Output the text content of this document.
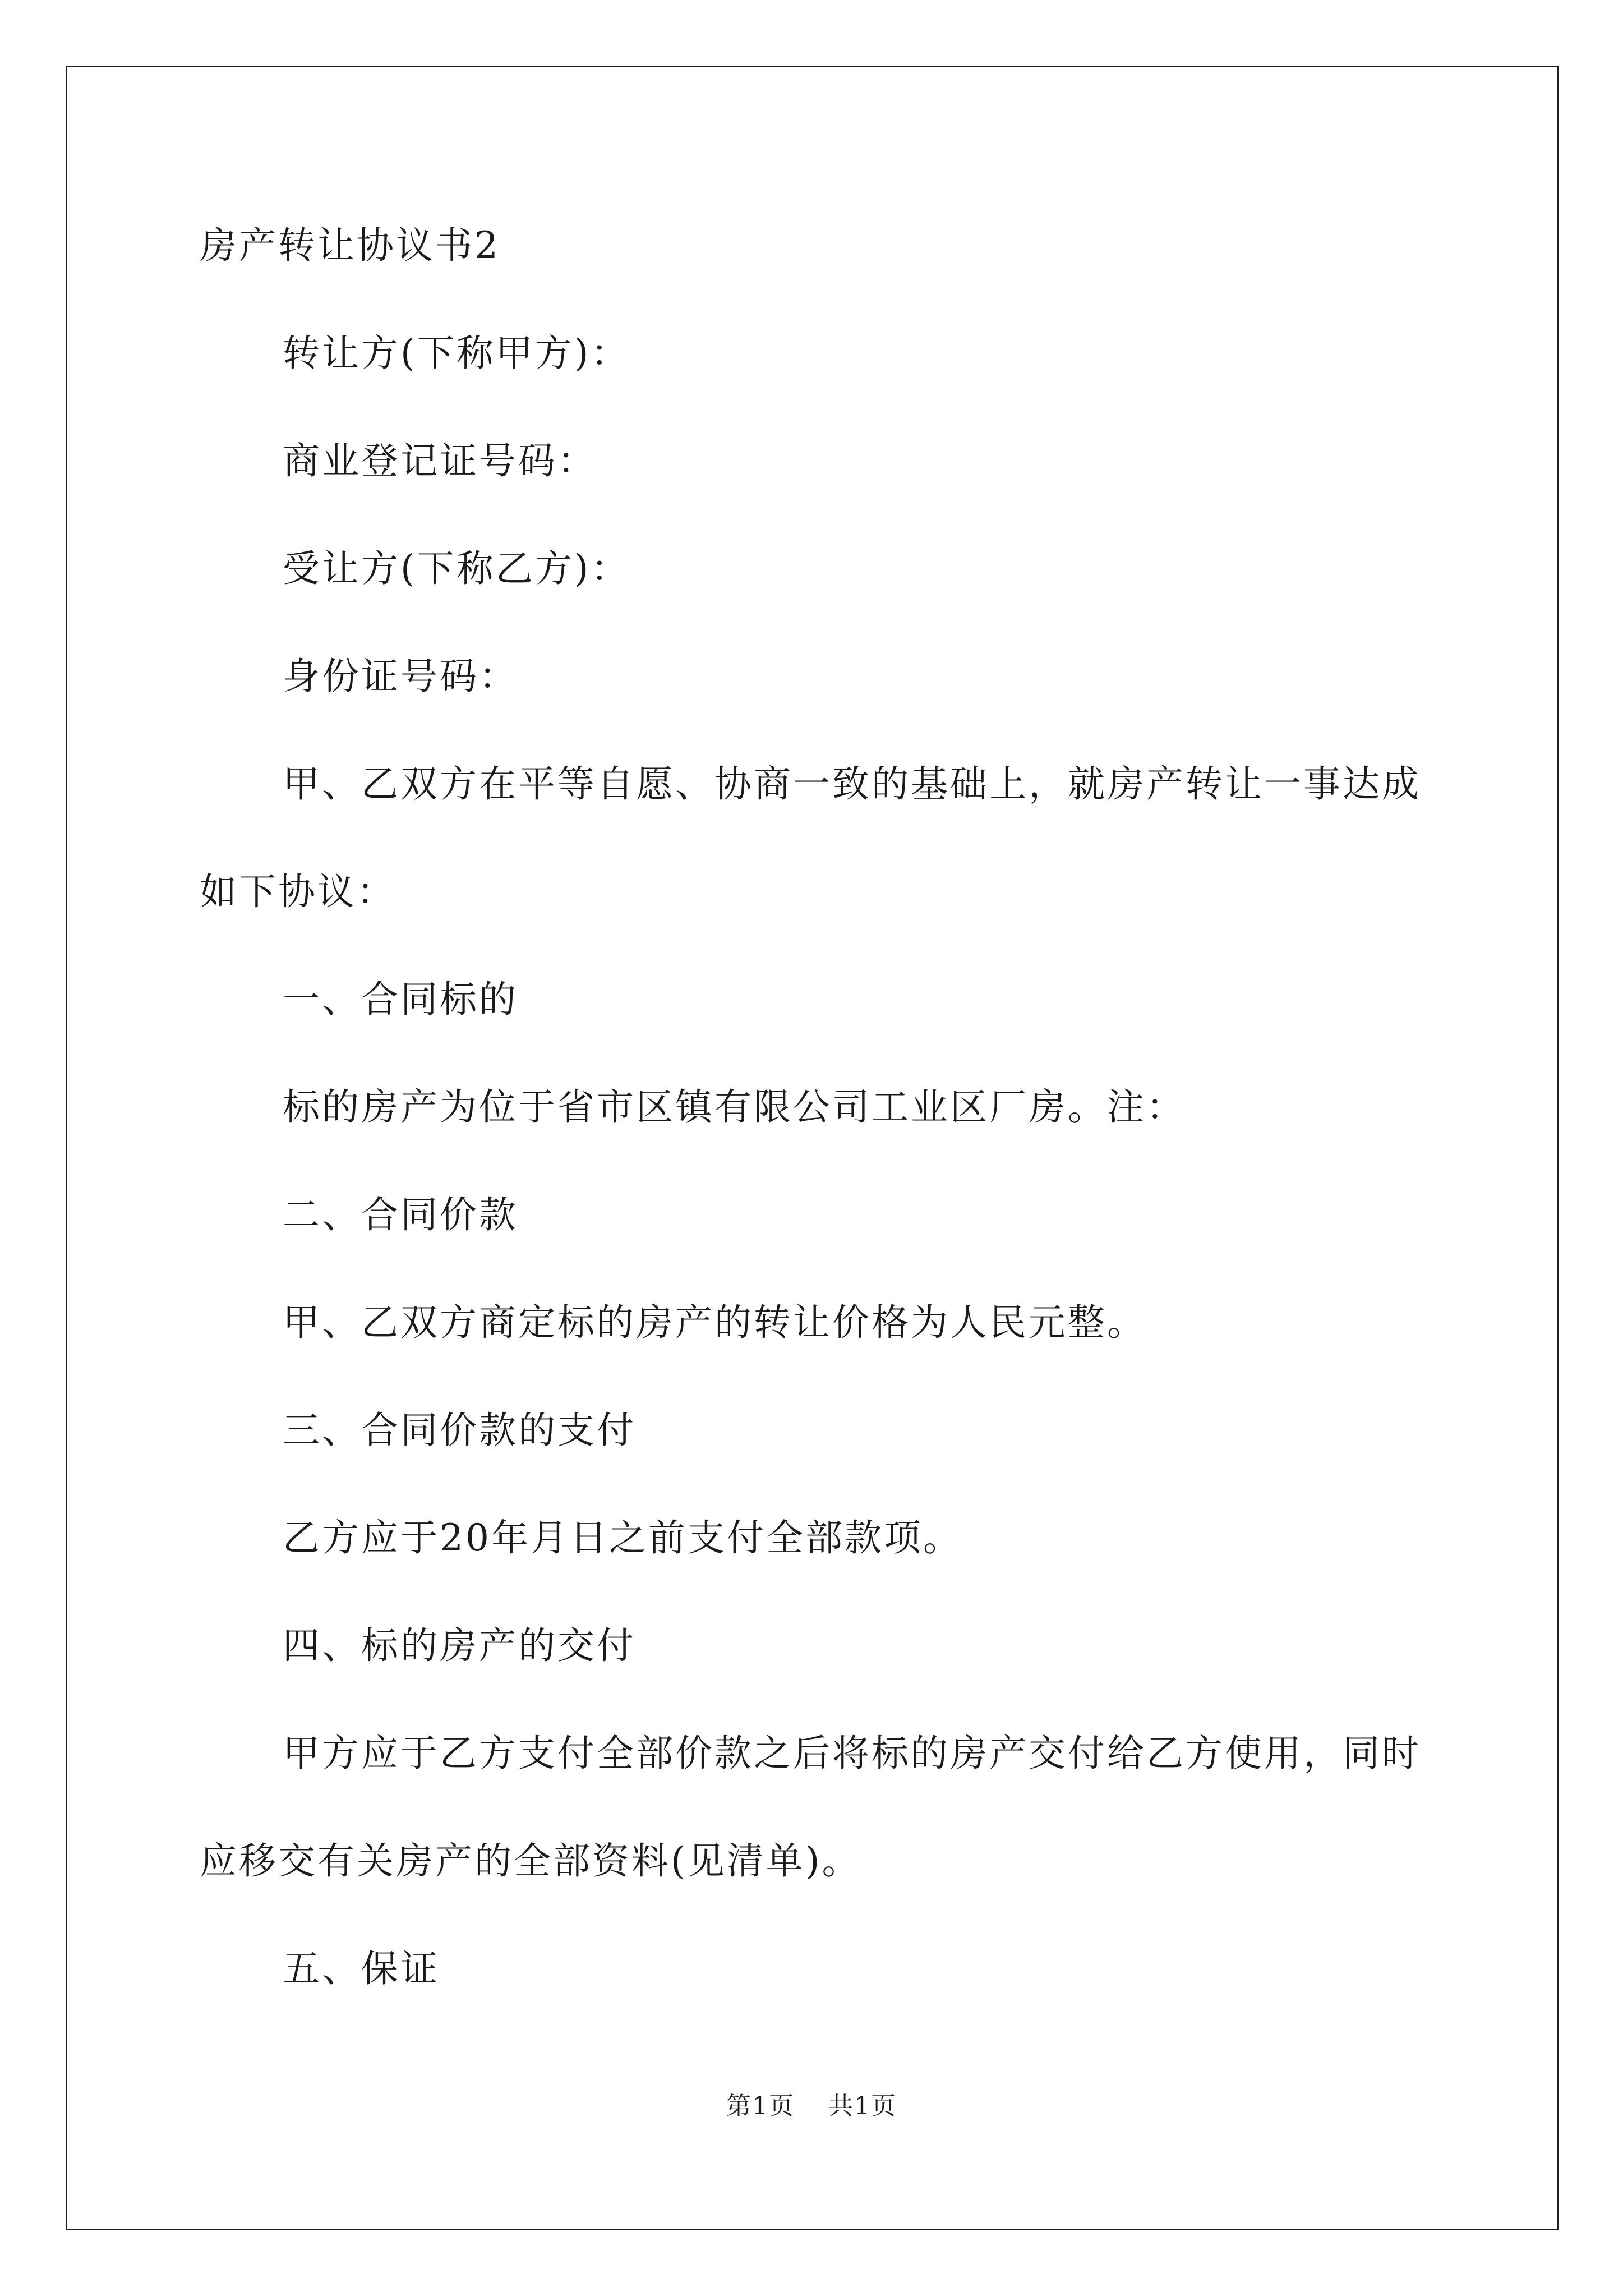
房产转让协议书2

转让方(下称甲方)：

商业登记证号码：

受让方(下称乙方)：

身份证号码：

甲、乙双方在平等自愿、协商一致的基础上，就房产转让一事达成如下协议：

一、合同标的

标的房产为位于省市区镇有限公司工业区厂房。注：

二、合同价款

甲、乙双方商定标的房产的转让价格为人民元整。

三、合同价款的支付

乙方应于20年月日之前支付全部款项。

四、标的房产的交付

甲方应于乙方支付全部价款之后将标的房产交付给乙方使用，同时应移交有关房产的全部资料(见清单)。

五、保证

第1页 共1页
